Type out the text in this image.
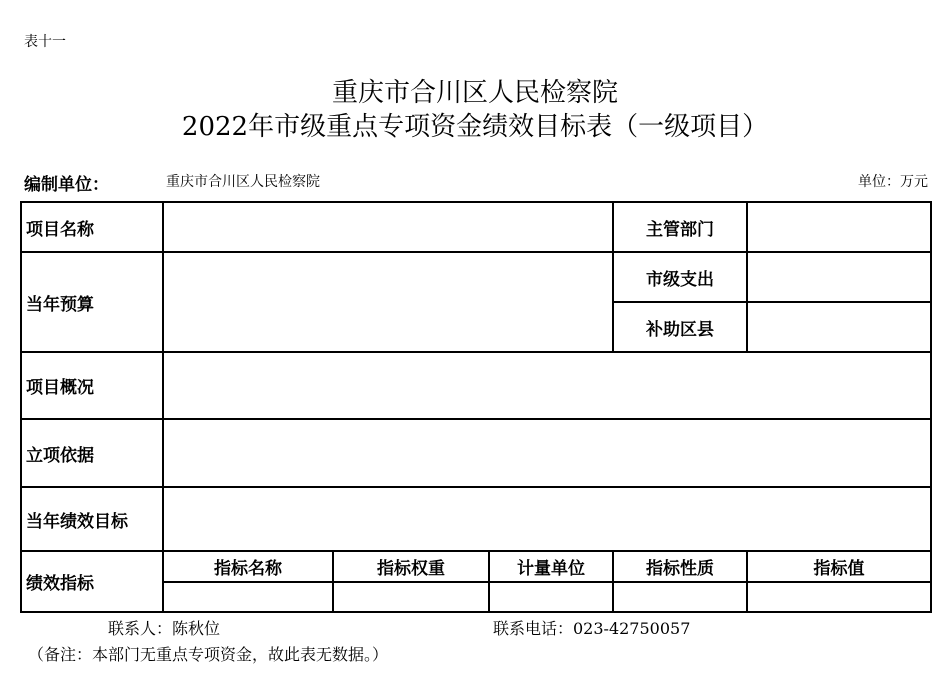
表十一
重庆市合川区人民检察院
2022年市级重点专项资金绩效目标表（一级项目）
编制单位：	重庆市合川区人民检察院	单位：万元
项目名称				主管部门	
当年预算				市级支出	
				补助区县	
项目概况					
立项依据					
当年绩效目标					
绩效指标	指标名称	指标权重	计量单位	指标性质	指标值

联系人：陈秋位	联系电话：023-42750057
（备注：本部门无重点专项资金，故此表无数据。）
